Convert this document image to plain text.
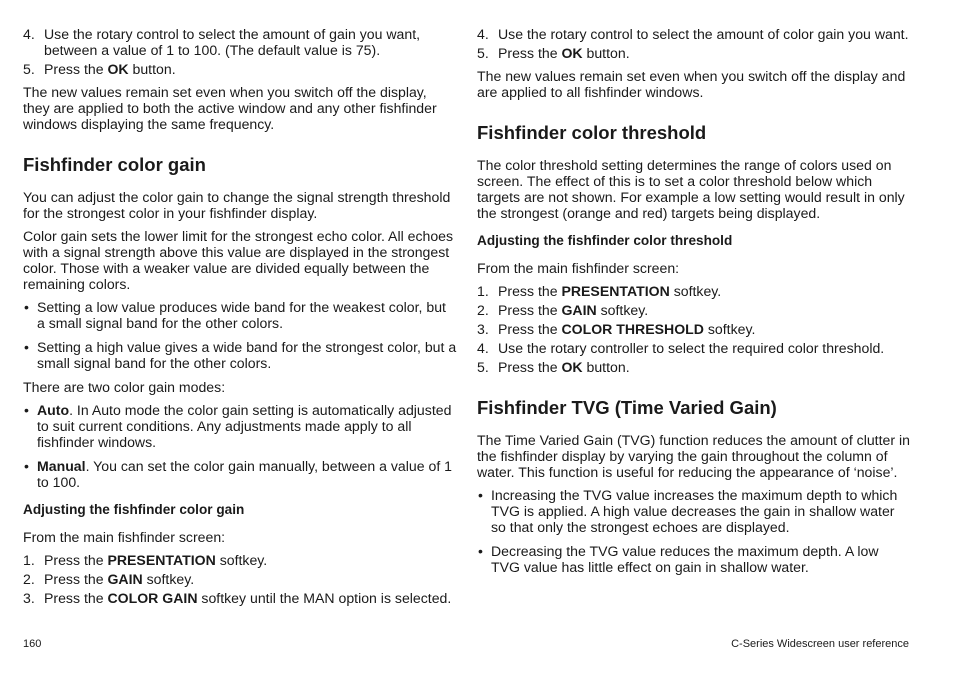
4. Use the rotary control to select the amount of gain you want, between a value of 1 to 100. (The default value is 75).
5. Press the OK button.

The new values remain set even when you switch off the display, they are applied to both the active window and any other fishfinder windows displaying the same frequency.

Fishfinder color gain

You can adjust the color gain to change the signal strength threshold for the strongest color in your fishfinder display.

Color gain sets the lower limit for the strongest echo color. All echoes with a signal strength above this value are displayed in the strongest color. Those with a weaker value are divided equally between the remaining colors.

• Setting a low value produces wide band for the weakest color, but a small signal band for the other colors.
• Setting a high value gives a wide band for the strongest color, but a small signal band for the other colors.

There are two color gain modes:

• Auto. In Auto mode the color gain setting is automatically adjusted to suit current conditions. Any adjustments made apply to all fishfinder windows.
• Manual. You can set the color gain manually, between a value of 1 to 100.
Adjusting the fishfinder color gain

From the main fishfinder screen:

1. Press the PRESENTATION softkey.
2. Press the GAIN softkey.
3. Press the COLOR GAIN softkey until the MAN option is selected.
4. Use the rotary control to select the amount of color gain you want.
5. Press the OK button.

The new values remain set even when you switch off the display and are applied to all fishfinder windows.

Fishfinder color threshold

The color threshold setting determines the range of colors used on screen. The effect of this is to set a color threshold below which targets are not shown. For example a low setting would result in only the strongest (orange and red) targets being displayed.

Adjusting the fishfinder color threshold

From the main fishfinder screen:

1. Press the PRESENTATION softkey.
2. Press the GAIN softkey.
3. Press the COLOR THRESHOLD softkey.
4. Use the rotary controller to select the required color threshold.
5. Press the OK button.
Fishfinder TVG (Time Varied Gain)

The Time Varied Gain (TVG) function reduces the amount of clutter in the fishfinder display by varying the gain throughout the column of water. This function is useful for reducing the appearance of ‘noise’.

• Increasing the TVG value increases the maximum depth to which TVG is applied. A high value decreases the gain in shallow water so that only the strongest echoes are displayed.
• Decreasing the TVG value reduces the maximum depth. A low TVG value has little effect on gain in shallow water.
160	C-Series Widescreen user reference
